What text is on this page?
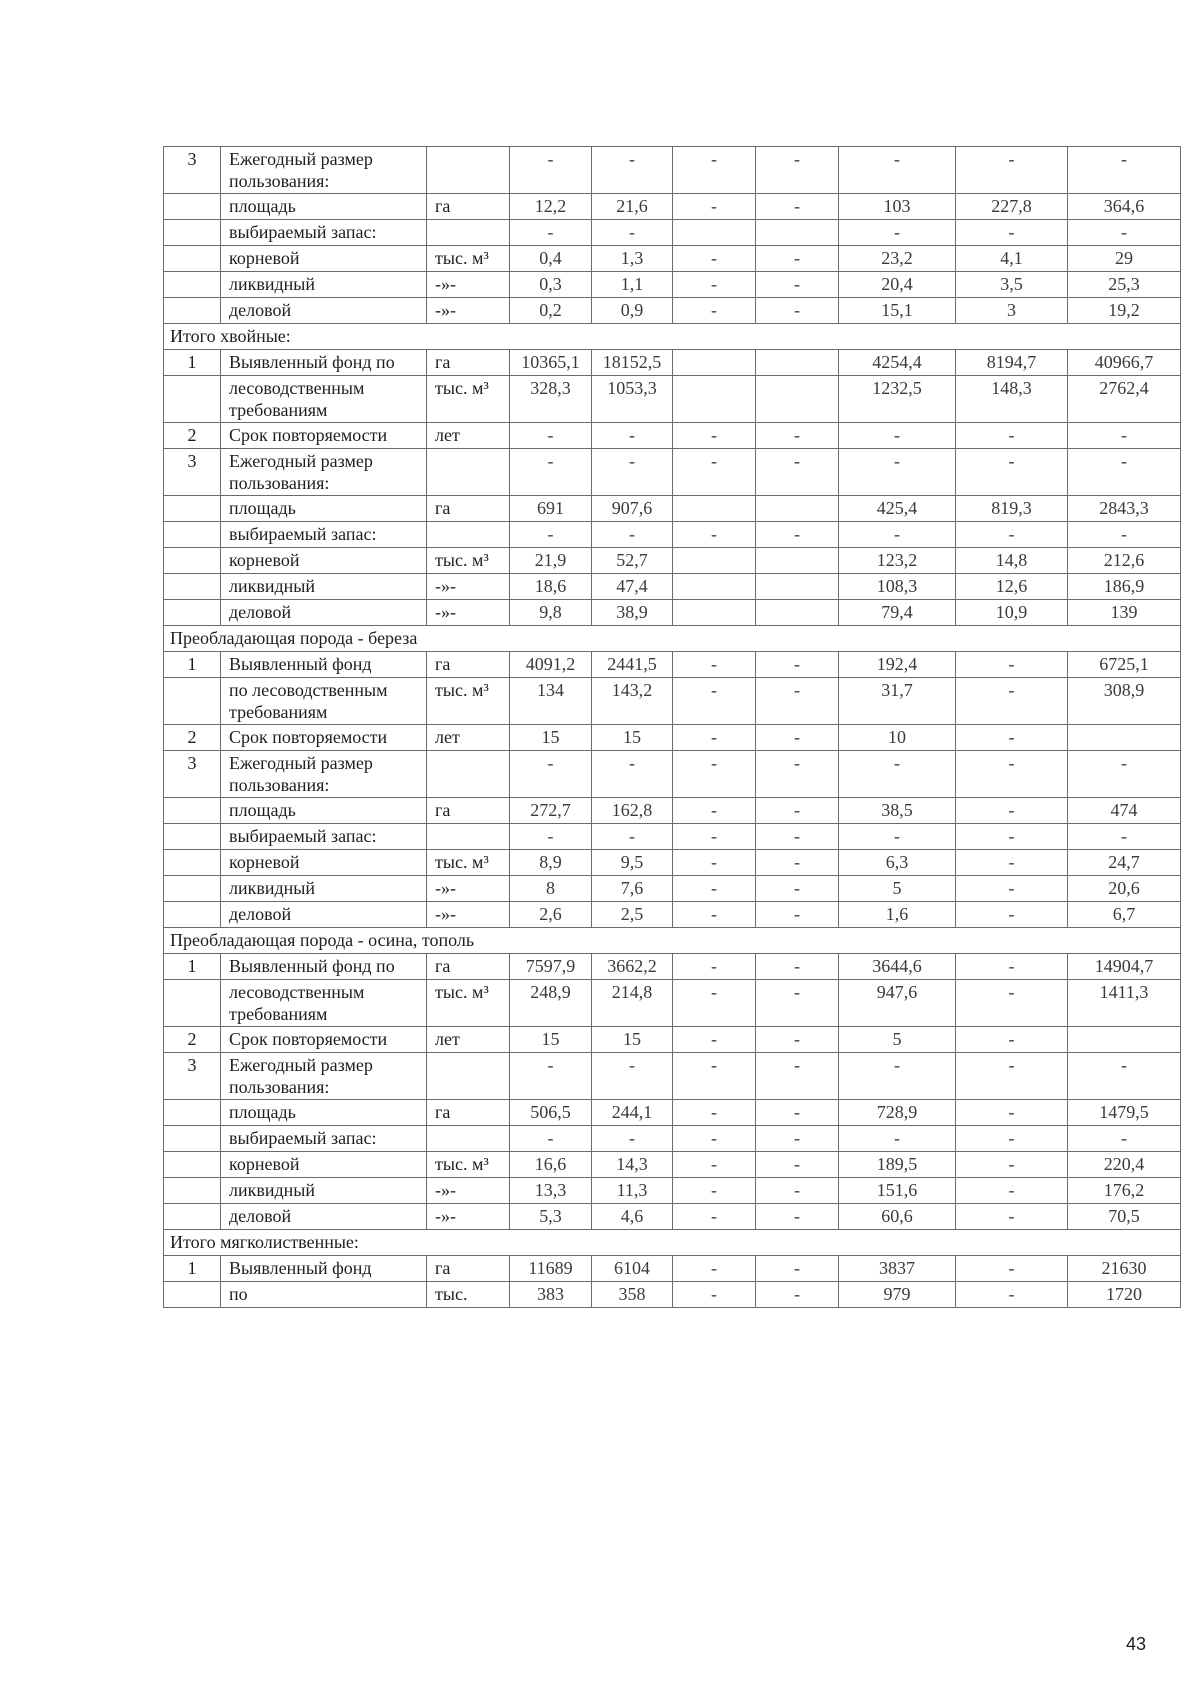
3	Ежегодный размер пользования:		-	-	-	-	-	-	-
	площадь	га	12,2	21,6	-	-	103	227,8	364,6
	выбираемый запас:		-	-			-	-	-
	корневой	тыс. м³	0,4	1,3	-	-	23,2	4,1	29
	ликвидный	-»-	0,3	1,1	-	-	20,4	3,5	25,3
	деловой	-»-	0,2	0,9	-	-	15,1	3	19,2
Итого хвойные:									
1	Выявленный фонд по	га	10365,1	18152,5			4254,4	8194,7	40966,7
	лесоводственным требованиям	тыс. м³	328,3	1053,3			1232,5	148,3	2762,4
2	Срок повторяемости	лет	-	-	-	-	-	-	-
3	Ежегодный размер пользования:		-	-	-	-	-	-	-
	площадь	га	691	907,6			425,4	819,3	2843,3
	выбираемый запас:		-	-	-	-	-	-	-
	корневой	тыс. м³	21,9	52,7			123,2	14,8	212,6
	ликвидный	-»-	18,6	47,4			108,3	12,6	186,9
	деловой	-»-	9,8	38,9			79,4	10,9	139
Преобладающая порода - береза									
1	Выявленный фонд	га	4091,2	2441,5	-	-	192,4	-	6725,1
	по лесоводственным требованиям	тыс. м³	134	143,2	-	-	31,7	-	308,9
2	Срок повторяемости	лет	15	15	-	-	10	-	
3	Ежегодный размер пользования:		-	-	-	-	-	-	-
	площадь	га	272,7	162,8	-	-	38,5	-	474
	выбираемый запас:		-	-	-	-	-	-	-
	корневой	тыс. м³	8,9	9,5	-	-	6,3	-	24,7
	ликвидный	-»-	8	7,6	-	-	5	-	20,6
	деловой	-»-	2,6	2,5	-	-	1,6	-	6,7
Преобладающая порода - осина, тополь									
1	Выявленный фонд по	га	7597,9	3662,2	-	-	3644,6	-	14904,7
	лесоводственным требованиям	тыс. м³	248,9	214,8	-	-	947,6	-	1411,3
2	Срок повторяемости	лет	15	15	-	-	5	-	
3	Ежегодный размер пользования:		-	-	-	-	-	-	-
	площадь	га	506,5	244,1	-	-	728,9	-	1479,5
	выбираемый запас:		-	-	-	-	-	-	-
	корневой	тыс. м³	16,6	14,3	-	-	189,5	-	220,4
	ликвидный	-»-	13,3	11,3	-	-	151,6	-	176,2
	деловой	-»-	5,3	4,6	-	-	60,6	-	70,5
Итого мягколиственные:									
1	Выявленный фонд	га	11689	6104	-	-	3837	-	21630
	по	тыс.	383	358	-	-	979	-	1720
43
